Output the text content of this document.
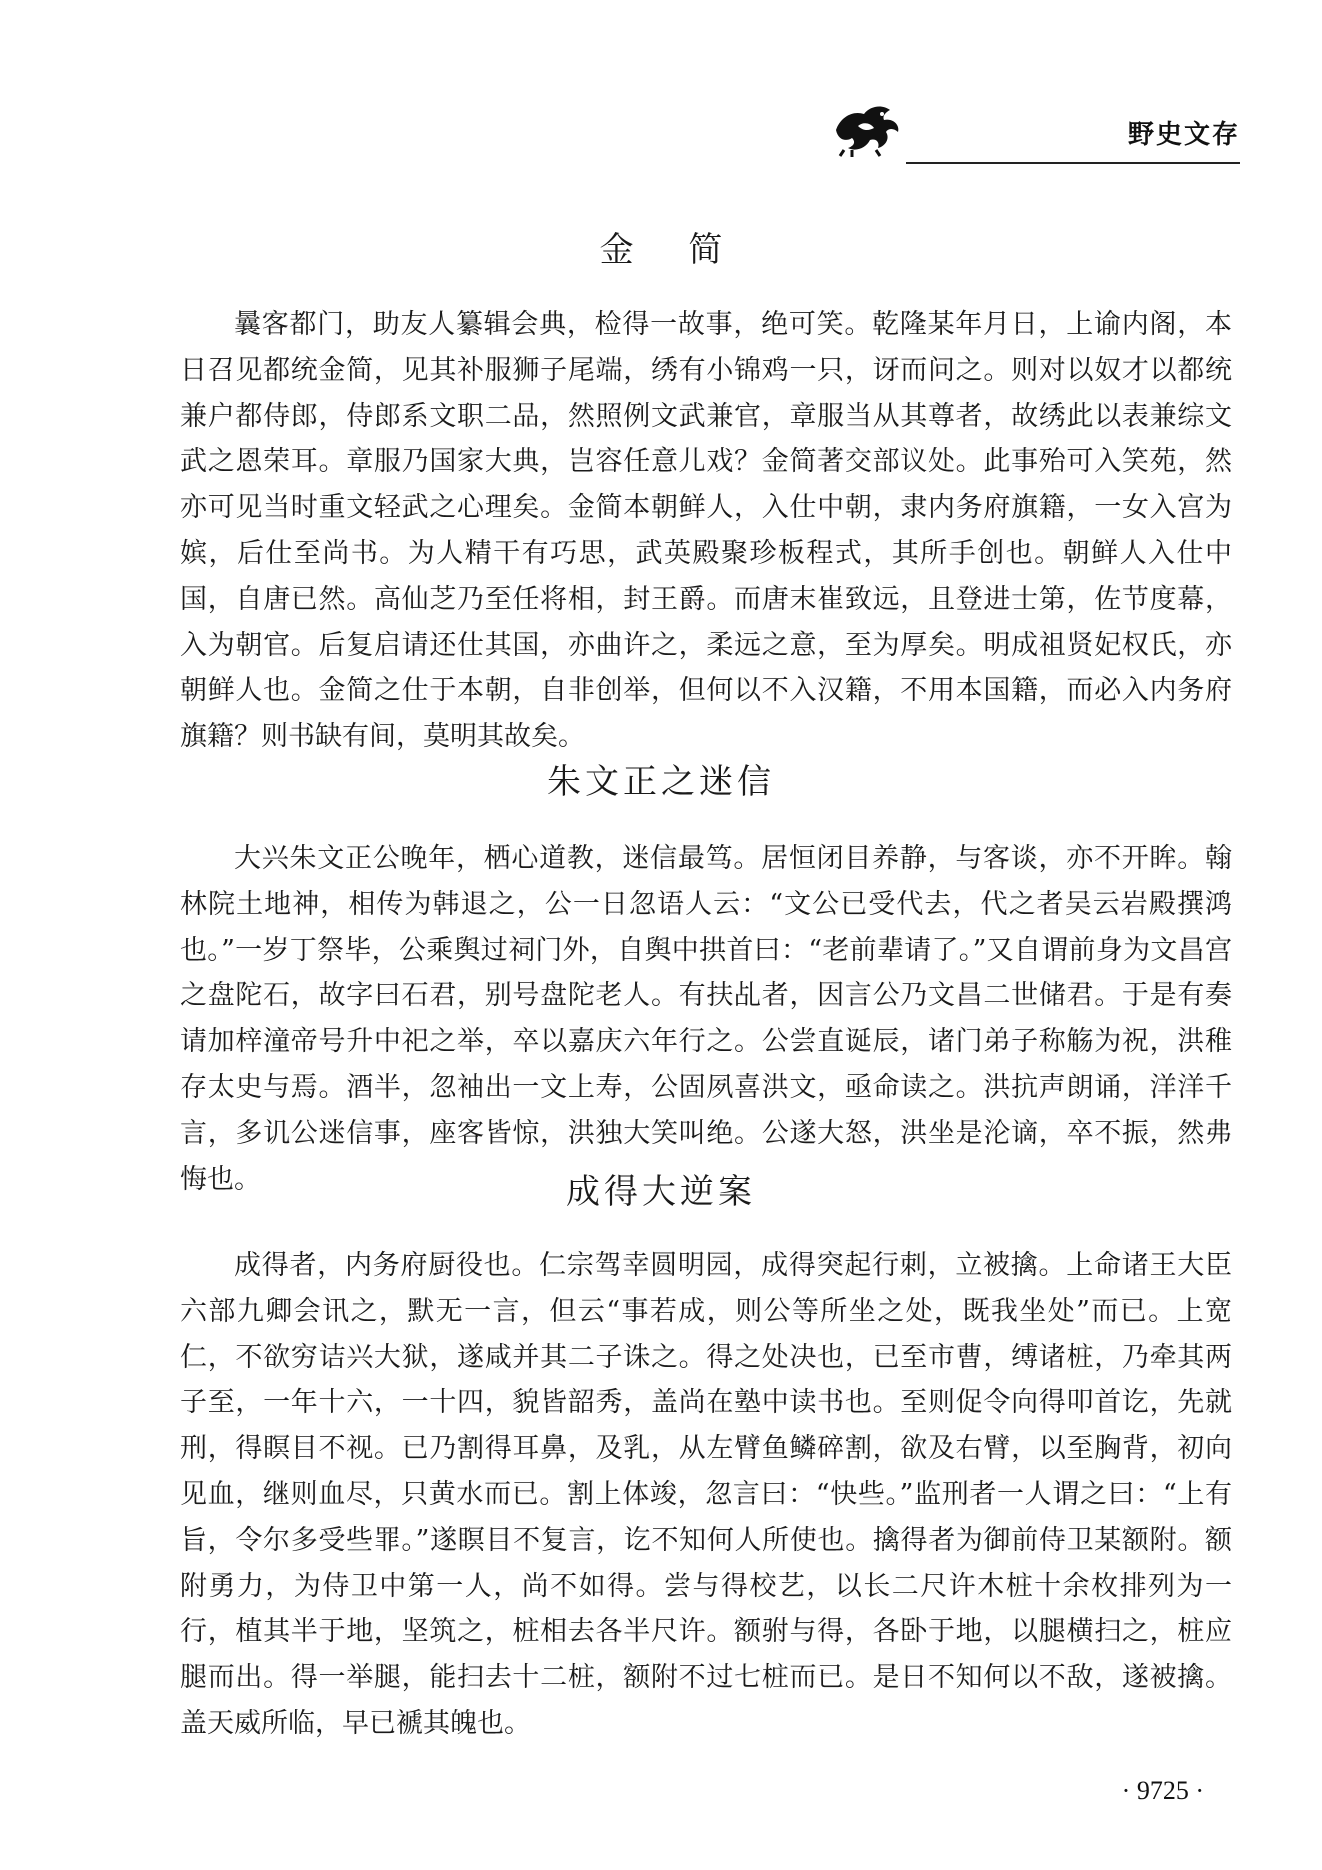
野史文存
金 简
曩客都门，助友人纂辑会典，检得一故事，绝可笑。乾隆某年月日，上谕内阁，本日召见都统金简，见其补服狮子尾端，绣有小锦鸡一只，讶而问之。则对以奴才以都统兼户都侍郎，侍郎系文职二品，然照例文武兼官，章服当从其尊者，故绣此以表兼综文武之恩荣耳。章服乃国家大典，岂容任意儿戏？金简著交部议处。此事殆可入笑苑，然亦可见当时重文轻武之心理矣。金简本朝鲜人，入仕中朝，隶内务府旗籍，一女入宫为嫔，后仕至尚书。为人精干有巧思，武英殿聚珍板程式，其所手创也。朝鲜人入仕中国，自唐已然。高仙芝乃至任将相，封王爵。而唐末崔致远，且登进士第，佐节度幕，入为朝官。后复启请还仕其国，亦曲许之，柔远之意，至为厚矣。明成祖贤妃权氏，亦朝鲜人也。金简之仕于本朝，自非创举，但何以不入汉籍，不用本国籍，而必入内务府旗籍？则书缺有间，莫明其故矣。
朱文正之迷信
大兴朱文正公晚年，栖心道教，迷信最笃。居恒闭目养静，与客谈，亦不开眸。翰林院土地神，相传为韩退之，公一日忽语人云：“文公已受代去，代之者吴云岩殿撰鸿也。”一岁丁祭毕，公乘舆过祠门外，自舆中拱首曰：“老前辈请了。”又自谓前身为文昌宫之盘陀石，故字曰石君，别号盘陀老人。有扶乩者，因言公乃文昌二世储君。于是有奏请加梓潼帝号升中祀之举，卒以嘉庆六年行之。公尝直诞辰，诸门弟子称觞为祝，洪稚存太史与焉。酒半，忽袖出一文上寿，公固夙喜洪文，亟命读之。洪抗声朗诵，洋洋千言，多讥公迷信事，座客皆惊，洪独大笑叫绝。公遂大怒，洪坐是沦谪，卒不振，然弗悔也。	成得大逆案
成得者，内务府厨役也。仁宗驾幸圆明园，成得突起行刺，立被擒。上命诸王大臣六部九卿会讯之，默无一言，但云“事若成，则公等所坐之处，既我坐处”而已。上宽仁，不欲穷诘兴大狱，遂咸并其二子诛之。得之处决也，已至市曹，缚诸桩，乃牵其两子至，一年十六，一十四，貌皆韶秀，盖尚在塾中读书也。至则促令向得叩首讫，先就刑，得瞑目不视。已乃割得耳鼻，及乳，从左臂鱼鳞碎割，欲及右臂，以至胸背，初向见血，继则血尽，只黄水而已。割上体竣，忽言曰：“快些。”监刑者一人谓之曰：“上有旨，令尔多受些罪。”遂瞑目不复言，讫不知何人所使也。擒得者为御前侍卫某额附。额附勇力，为侍卫中第一人，尚不如得。尝与得校艺，以长二尺许木桩十余枚排列为一行，植其半于地，坚筑之，桩相去各半尺许。额驸与得，各卧于地，以腿横扫之，桩应腿而出。得一举腿，能扫去十二桩，额附不过七桩而已。是日不知何以不敌，遂被擒。盖天威所临，早已褫其魄也。
· 9725 ·
